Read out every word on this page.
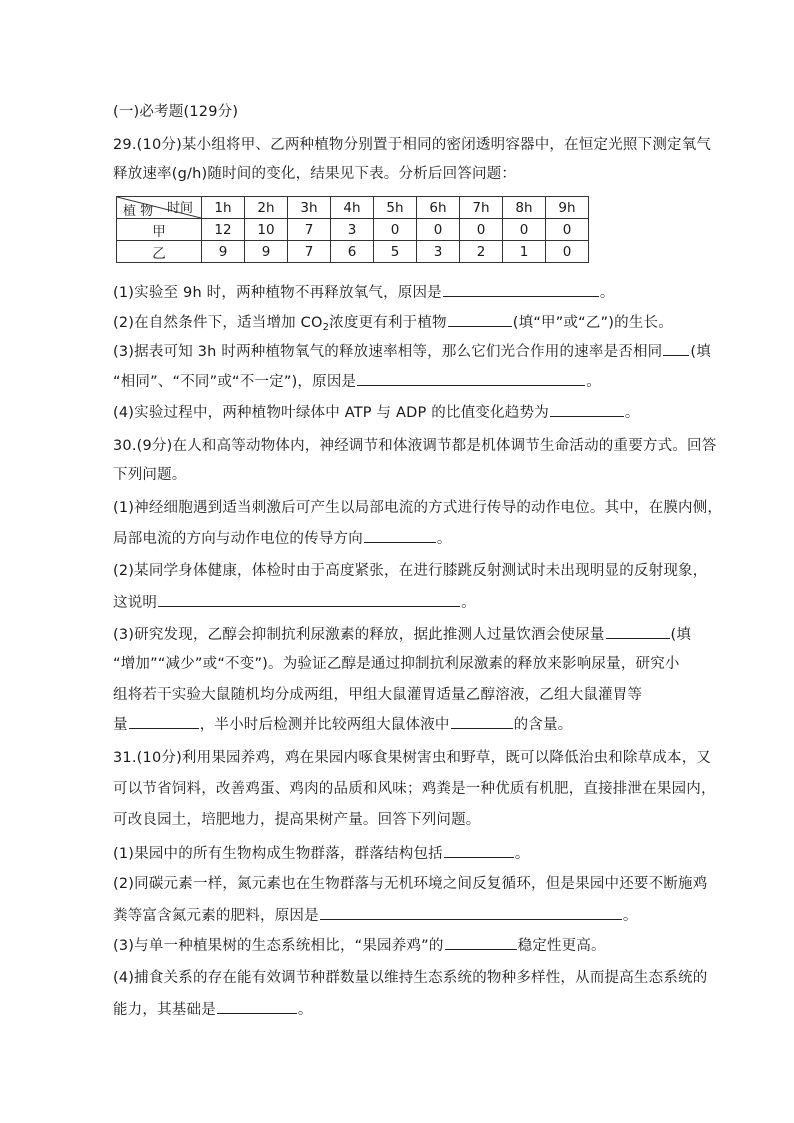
(一)必考题(129分)
29.(10分)某小组将甲、乙两种植物分别置于相同的密闭透明容器中，在恒定光照下测定氧气
释放速率(g/h)随时间的变化，结果见下表。分析后回答问题：
植 物 时间	1h	2h	3h	4h	5h	6h	7h	8h	9h
甲	12	10	7	3	0	0	0	0	0
乙	9	9	7	6	5	3	2	1	0
(1)实验至 9h 时，两种植物不再释放氧气，原因是	。
(2)在自然条件下，适当增加 $CO_2$浓度更有利于植物	(填“甲”或“乙”)的生长。
(3)据表可知 3h 时两种植物氧气的释放速率相等，那么它们光合作用的速率是否相同 (填
“相同”、“不同”或“不一定”)，原因是	。
(4)实验过程中，两种植物叶绿体中 ATP 与 ADP 的比值变化趋势为	。
30.(9分)在人和高等动物体内，神经调节和体液调节都是机体调节生命活动的重要方式。回答
下列问题。
(1)神经细胞遇到适当刺激后可产生以局部电流的方式进行传导的动作电位。其中，在膜内侧，
局部电流的方向与动作电位的传导方向	。
(2)某同学身体健康，体检时由于高度紧张，在进行膝跳反射测试时未出现明显的反射现象，
这说明	。
(3)研究发现，乙醇会抑制抗利尿激素的释放，据此推测人过量饮酒会使尿量	(填
“增加”“减少”或“不变”)。为验证乙醇是通过抑制抗利尿激素的释放来影响尿量，研究小
组将若干实验大鼠随机均分成两组，甲组大鼠灌胃适量乙醇溶液，乙组大鼠灌胃等
量	，半小时后检测并比较两组大鼠体液中	的含量。
31.(10分)利用果园养鸡，鸡在果园内啄食果树害虫和野草，既可以降低治虫和除草成本，又
可以节省饲料，改善鸡蛋、鸡肉的品质和风味；鸡粪是一种优质有机肥，直接排泄在果园内，
可改良园土，培肥地力，提高果树产量。回答下列问题。
(1)果园中的所有生物构成生物群落，群落结构包括	。
(2)同碳元素一样，氮元素也在生物群落与无机环境之间反复循环，但是果园中还要不断施鸡
粪等富含氮元素的肥料，原因是	。
(3)与单一种植果树的生态系统相比，“果园养鸡”的	稳定性更高。
(4)捕食关系的存在能有效调节种群数量以维持生态系统的物种多样性，从而提高生态系统的
能力，其基础是	。
